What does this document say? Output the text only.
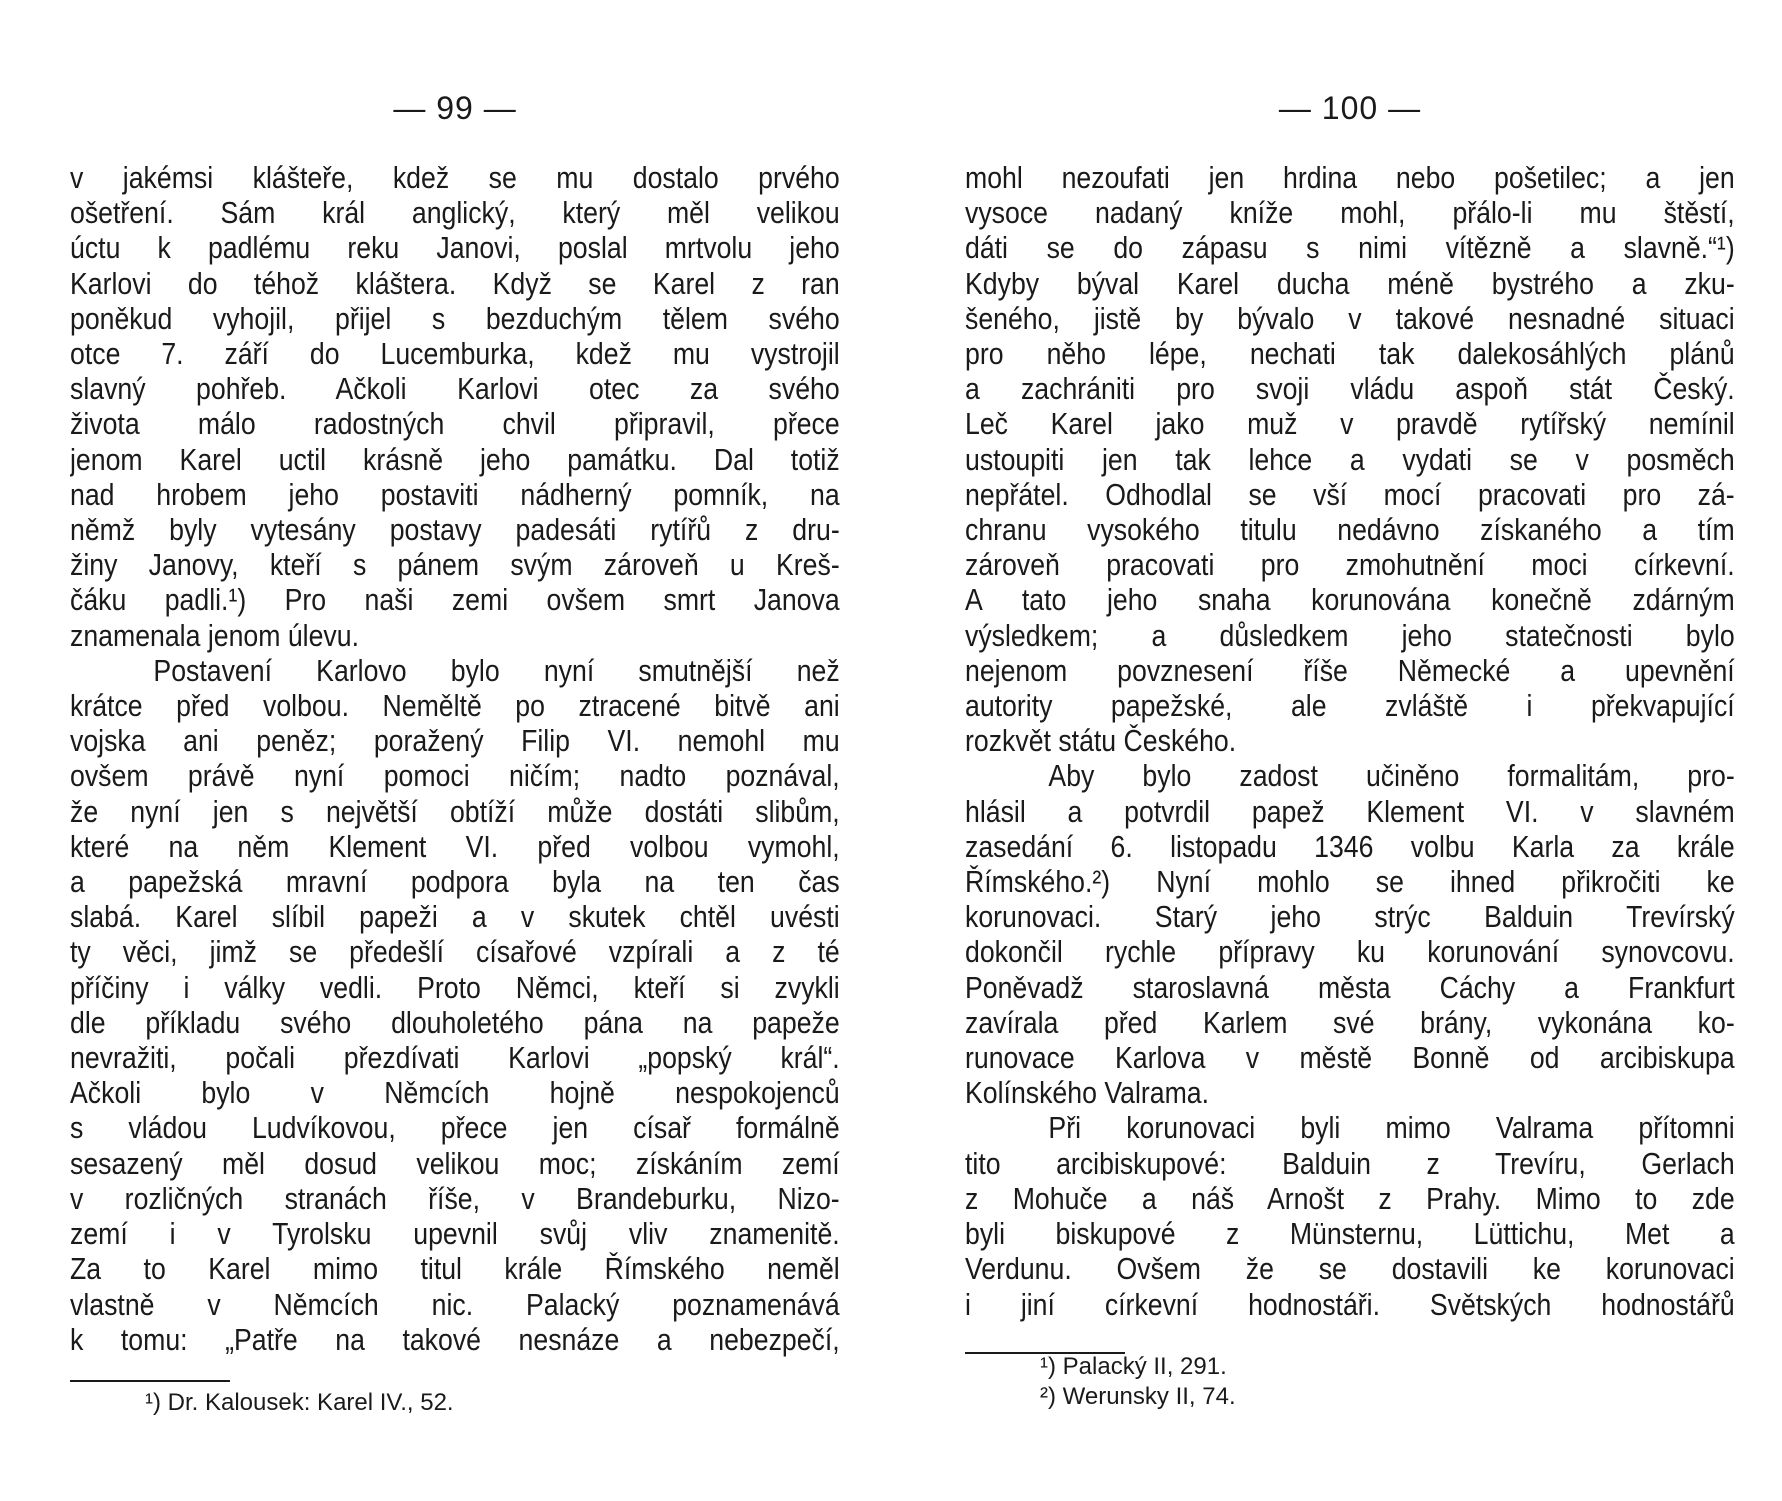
— 99 —
v jakémsi klášteře, kdež se mu dostalo prvého
ošetření. Sám král anglický, který měl velikou
úctu k padlému reku Janovi, poslal mrtvolu jeho
Karlovi do téhož kláštera. Když se Karel z ran
poněkud vyhojil, přijel s bezduchým tělem svého
otce 7. září do Lucemburka, kdež mu vystrojil
slavný pohřeb. Ačkoli Karlovi otec za svého
života málo radostných chvil připravil, přece
jenom Karel uctil krásně jeho památku. Dal totiž
nad hrobem jeho postaviti nádherný pomník, na
němž byly vytesány postavy padesáti rytířů z dru-
žiny Janovy, kteří s pánem svým zároveň u Kreš-
čáku padli.¹) Pro naši zemi ovšem smrt Janova
znamenala jenom úlevu.
Postavení Karlovo bylo nyní smutnější než
krátce před volbou. Neměltě po ztracené bitvě ani
vojska ani peněz; poražený Filip VI. nemohl mu
ovšem právě nyní pomoci ničím; nadto poznával,
že nyní jen s největší obtíží může dostáti slibům,
které na něm Klement VI. před volbou vymohl,
a papežská mravní podpora byla na ten čas
slabá. Karel slíbil papeži a v skutek chtěl uvésti
ty věci, jimž se předešlí císařové vzpírali a z té
příčiny i války vedli. Proto Němci, kteří si zvykli
dle příkladu svého dlouholetého pána na papeže
nevražiti, počali přezdívati Karlovi „popský král“.
Ačkoli bylo v Němcích hojně nespokojenců
s vládou Ludvíkovou, přece jen císař formálně
sesazený měl dosud velikou moc; získáním zemí
v rozličných stranách říše, v Brandeburku, Nizo-
zemí i v Tyrolsku upevnil svůj vliv znamenitě.
Za to Karel mimo titul krále Římského neměl
vlastně v Němcích nic. Palacký poznamenává
k tomu: „Patře na takové nesnáze a nebezpečí,
¹) Dr. Kalousek: Karel IV., 52.
— 100 —
mohl nezoufati jen hrdina nebo pošetilec; a jen
vysoce nadaný kníže mohl, přálo-li mu štěstí,
dáti se do zápasu s nimi vítězně a slavně.“¹)
Kdyby býval Karel ducha méně bystrého a zku-
šeného, jistě by bývalo v takové nesnadné situaci
pro něho lépe, nechati tak dalekosáhlých plánů
a zachrániti pro svoji vládu aspoň stát Český.
Leč Karel jako muž v pravdě rytířský nemínil
ustoupiti jen tak lehce a vydati se v posměch
nepřátel. Odhodlal se vší mocí pracovati pro zá-
chranu vysokého titulu nedávno získaného a tím
zároveň pracovati pro zmohutnění moci církevní.
A tato jeho snaha korunována konečně zdárným
výsledkem; a důsledkem jeho statečnosti bylo
nejenom povznesení říše Německé a upevnění
autority papežské, ale zvláště i překvapující
rozkvět státu Českého.
Aby bylo zadost učiněno formalitám, pro-
hlásil a potvrdil papež Klement VI. v slavném
zasedání 6. listopadu 1346 volbu Karla za krále
Římského.²) Nyní mohlo se ihned přikročiti ke
korunovaci. Starý jeho strýc Balduin Trevírský
dokončil rychle přípravy ku korunování synovcovu.
Poněvadž staroslavná města Cáchy a Frankfurt
zavírala před Karlem své brány, vykonána ko-
runovace Karlova v městě Bonně od arcibiskupa
Kolínského Valrama.
Při korunovaci byli mimo Valrama přítomni
tito arcibiskupové: Balduin z Trevíru, Gerlach
z Mohuče a náš Arnošt z Prahy. Mimo to zde
byli biskupové z Münsternu, Lüttichu, Met a
Verdunu. Ovšem že se dostavili ke korunovaci
i jiní církevní hodnostáři. Světských hodnostářů
¹) Palacký II, 291.
²) Werunsky II, 74.
